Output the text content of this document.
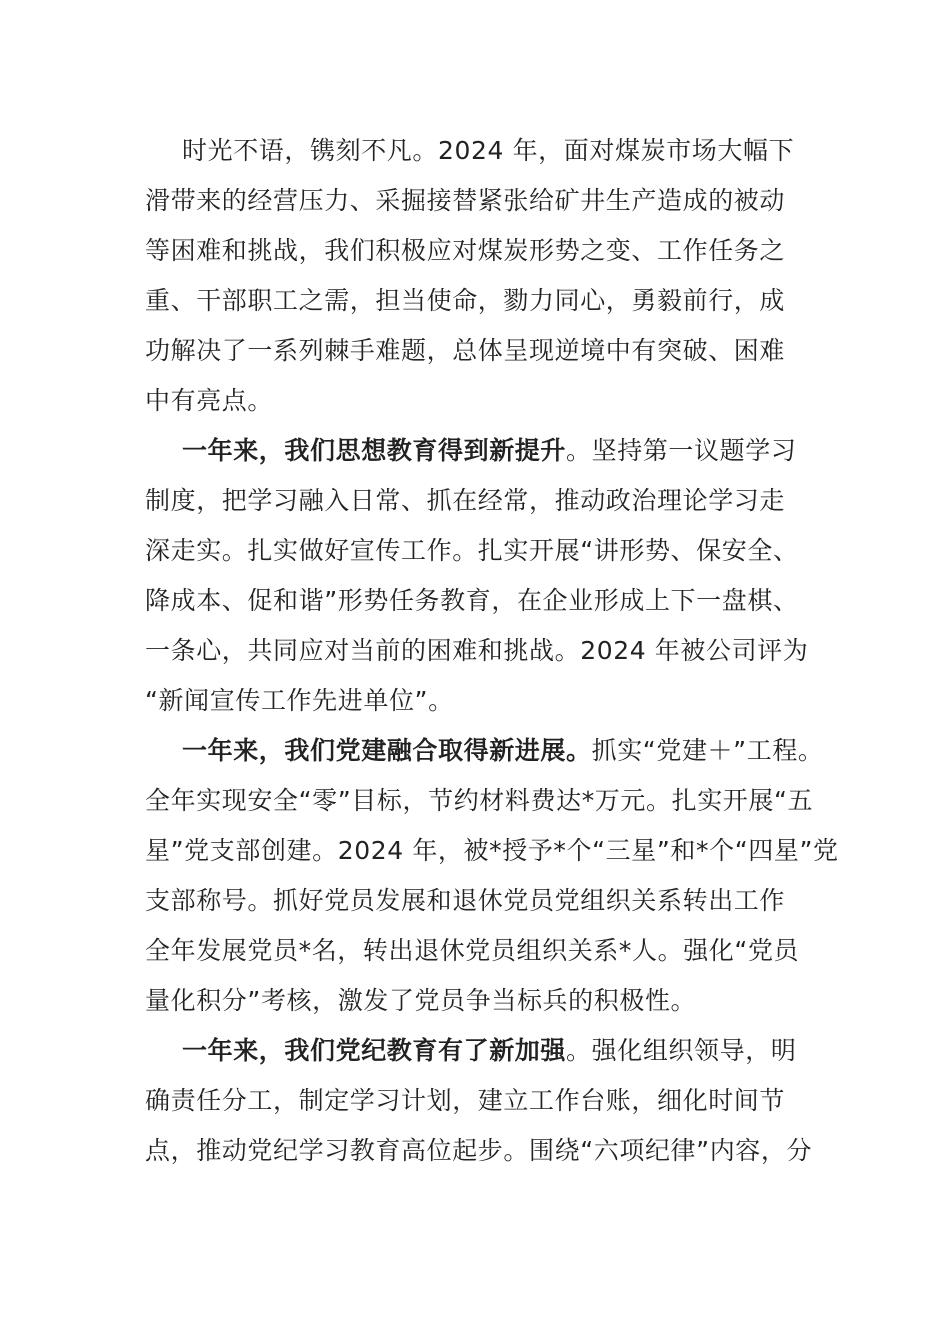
时光不语，镌刻不凡。2024 年，面对煤炭市场大幅下
滑带来的经营压力、采掘接替紧张给矿井生产造成的被动
等困难和挑战，我们积极应对煤炭形势之变、工作任务之
重、干部职工之需，担当使命，勠力同心，勇毅前行，成
功解决了一系列棘手难题，总体呈现逆境中有突破、困难
中有亮点。
一年来，我们思想教育得到新提升。坚持第一议题学习
制度，把学习融入日常、抓在经常，推动政治理论学习走
深走实。扎实做好宣传工作。扎实开展“讲形势、保安全、
降成本、促和谐”形势任务教育，在企业形成上下一盘棋、
一条心，共同应对当前的困难和挑战。2024 年被公司评为
“新闻宣传工作先进单位”。
一年来，我们党建融合取得新进展。抓实“党建＋”工程。
全年实现安全“零”目标，节约材料费达*万元。扎实开展“五
星”党支部创建。2024 年，被*授予*个“三星”和*个“四星”党
支部称号。抓好党员发展和退休党员党组织关系转出工作
全年发展党员*名，转出退休党员组织关系*人。强化“党员
量化积分”考核，激发了党员争当标兵的积极性。
一年来，我们党纪教育有了新加强。强化组织领导，明
确责任分工，制定学习计划，建立工作台账，细化时间节
点，推动党纪学习教育高位起步。围绕“六项纪律”内容，分
